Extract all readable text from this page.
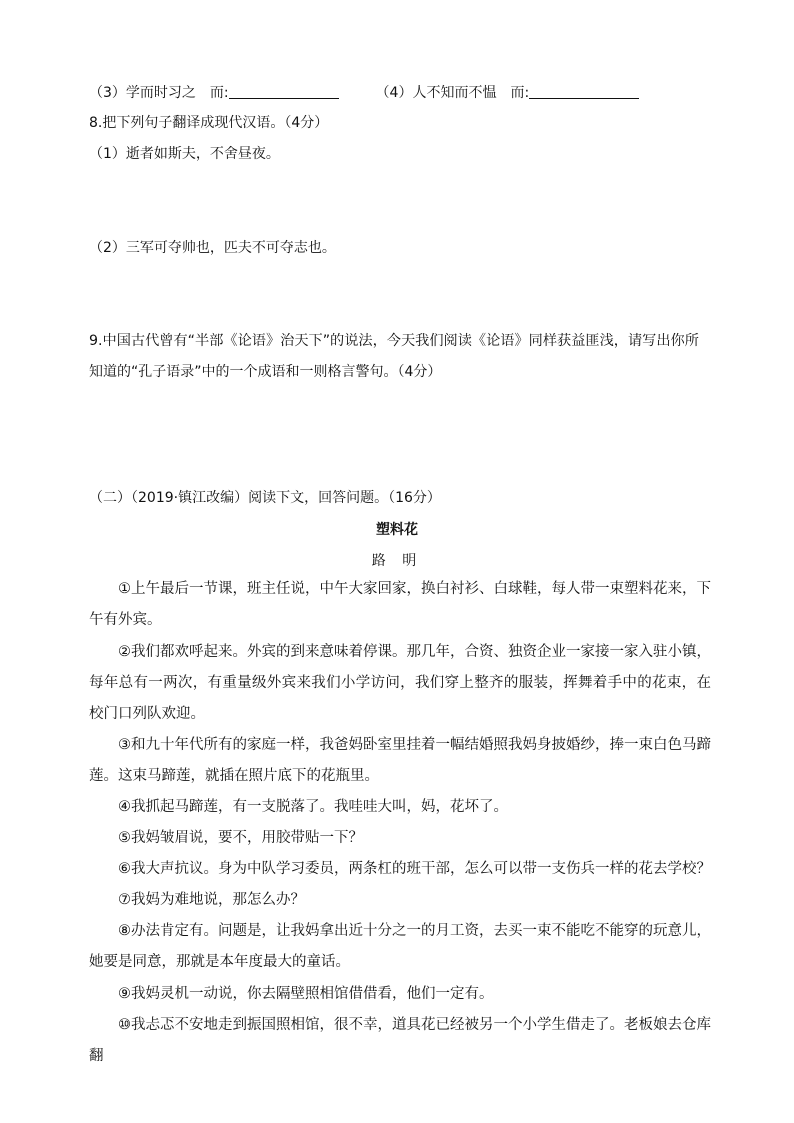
（3）学而时习之　而:	（4）人不知而不愠　而:
8.把下列句子翻译成现代汉语。（4分）
（1）逝者如斯夫，不舍昼夜。
（2）三军可夺帅也，匹夫不可夺志也。
9.中国古代曾有“半部《论语》治天下”的说法，今天我们阅读《论语》同样获益匪浅，请写出你所
知道的“孔子语录”中的一个成语和一则格言警句。（4分）
（二）（2019·镇江改编）阅读下文，回答问题。（16分）
塑料花
路 明
①上午最后一节课，班主任说，中午大家回家，换白衬衫、白球鞋，每人带一束塑料花来，下午有外宾。
②我们都欢呼起来。外宾的到来意味着停课。那几年，合资、独资企业一家接一家入驻小镇，每年总有一两次，有重量级外宾来我们小学访问，我们穿上整齐的服装，挥舞着手中的花束，在校门口列队欢迎。
③和九十年代所有的家庭一样，我爸妈卧室里挂着一幅结婚照我妈身披婚纱，捧一束白色马蹄莲。这束马蹄莲，就插在照片底下的花瓶里。
④我抓起马蹄莲，有一支脱落了。我哇哇大叫，妈，花坏了。
⑤我妈皱眉说，要不，用胶带贴一下？
⑥我大声抗议。身为中队学习委员，两条杠的班干部，怎么可以带一支伤兵一样的花去学校？
⑦我妈为难地说，那怎么办？
⑧办法肯定有。问题是，让我妈拿出近十分之一的月工资，去买一束不能吃不能穿的玩意儿，她要是同意，那就是本年度最大的童话。
⑨我妈灵机一动说，你去隔壁照相馆借借看，他们一定有。
⑩我忐忑不安地走到振国照相馆，很不幸，道具花已经被另一个小学生借走了。老板娘去仓库翻
